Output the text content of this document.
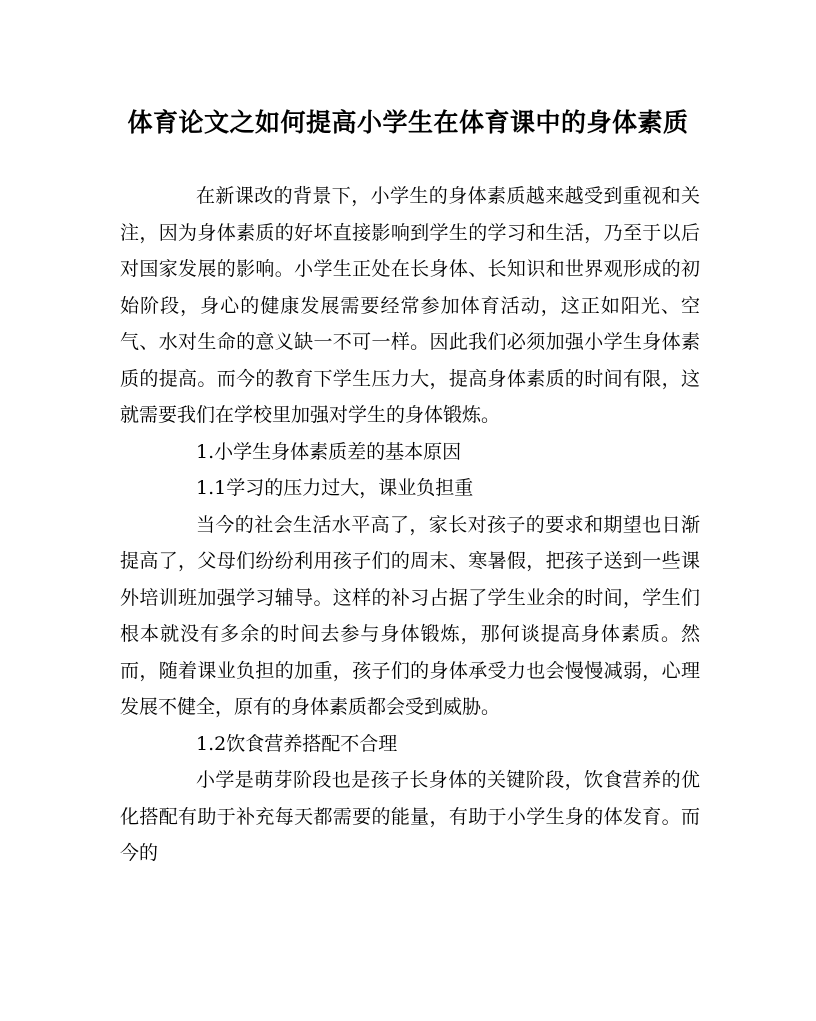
体育论文之如何提高小学生在体育课中的身体素质

在新课改的背景下，小学生的身体素质越来越受到重视和关注，因为身体素质的好坏直接影响到学生的学习和生活，乃至于以后对国家发展的影响。小学生正处在长身体、长知识和世界观形成的初始阶段，身心的健康发展需要经常参加体育活动，这正如阳光、空气、水对生命的意义缺一不可一样。因此我们必须加强小学生身体素质的提高。而今的教育下学生压力大，提高身体素质的时间有限，这就需要我们在学校里加强对学生的身体锻炼。

1.小学生身体素质差的基本原因

1.1学习的压力过大，课业负担重

当今的社会生活水平高了，家长对孩子的要求和期望也日渐提高了，父母们纷纷利用孩子们的周末、寒暑假，把孩子送到一些课外培训班加强学习辅导。这样的补习占据了学生业余的时间，学生们根本就没有多余的时间去参与身体锻炼，那何谈提高身体素质。然而，随着课业负担的加重，孩子们的身体承受力也会慢慢减弱，心理发展不健全，原有的身体素质都会受到威胁。

1.2饮食营养搭配不合理

小学是萌芽阶段也是孩子长身体的关键阶段，饮食营养的优化搭配有助于补充每天都需要的能量，有助于小学生身的体发育。而今的
